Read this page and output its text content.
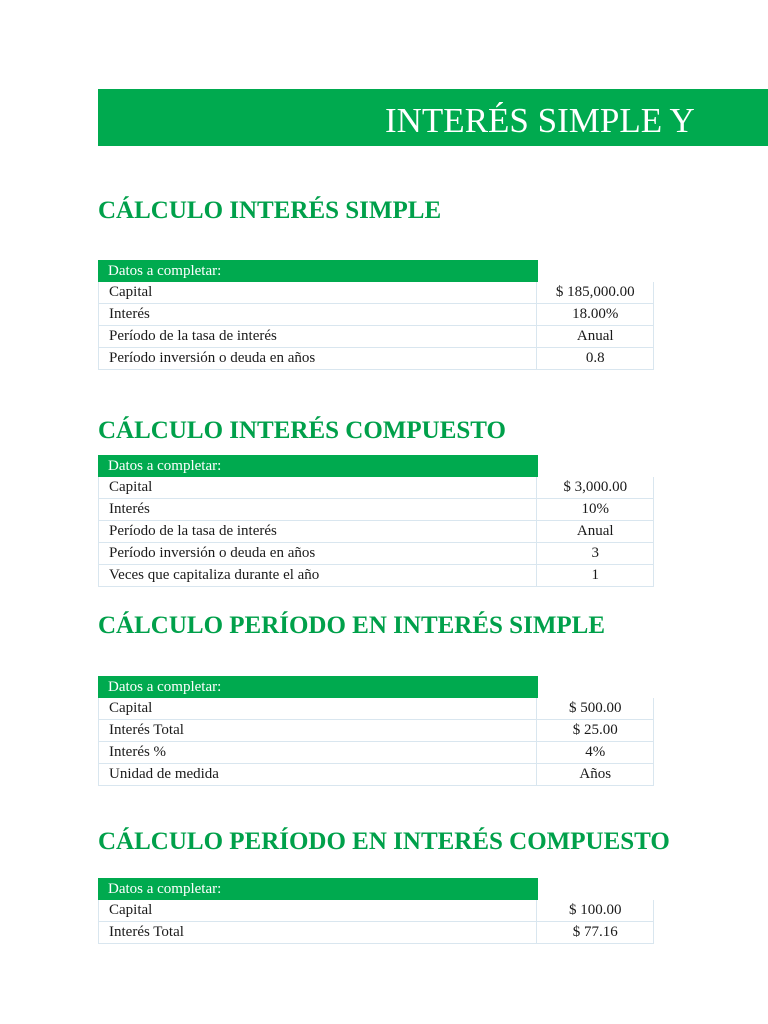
INTERÉS SIMPLE Y
CÁLCULO INTERÉS SIMPLE
Datos a completar:
Capital	$ 185,000.00
Interés	18.00%
Período de la tasa de interés	Anual
Período inversión o deuda en años	0.8
CÁLCULO INTERÉS COMPUESTO
Datos a completar:
Capital	$ 3,000.00
Interés	10%
Período de la tasa de interés	Anual
Período inversión o deuda en años	3
Veces que capitaliza durante el año	1
CÁLCULO PERÍODO EN INTERÉS SIMPLE
Datos a completar:
Capital	$ 500.00
Interés Total	$ 25.00
Interés %	4%
Unidad de medida	Años
CÁLCULO PERÍODO EN INTERÉS COMPUESTO
Datos a completar:
Capital	$ 100.00
Interés Total	$ 77.16
